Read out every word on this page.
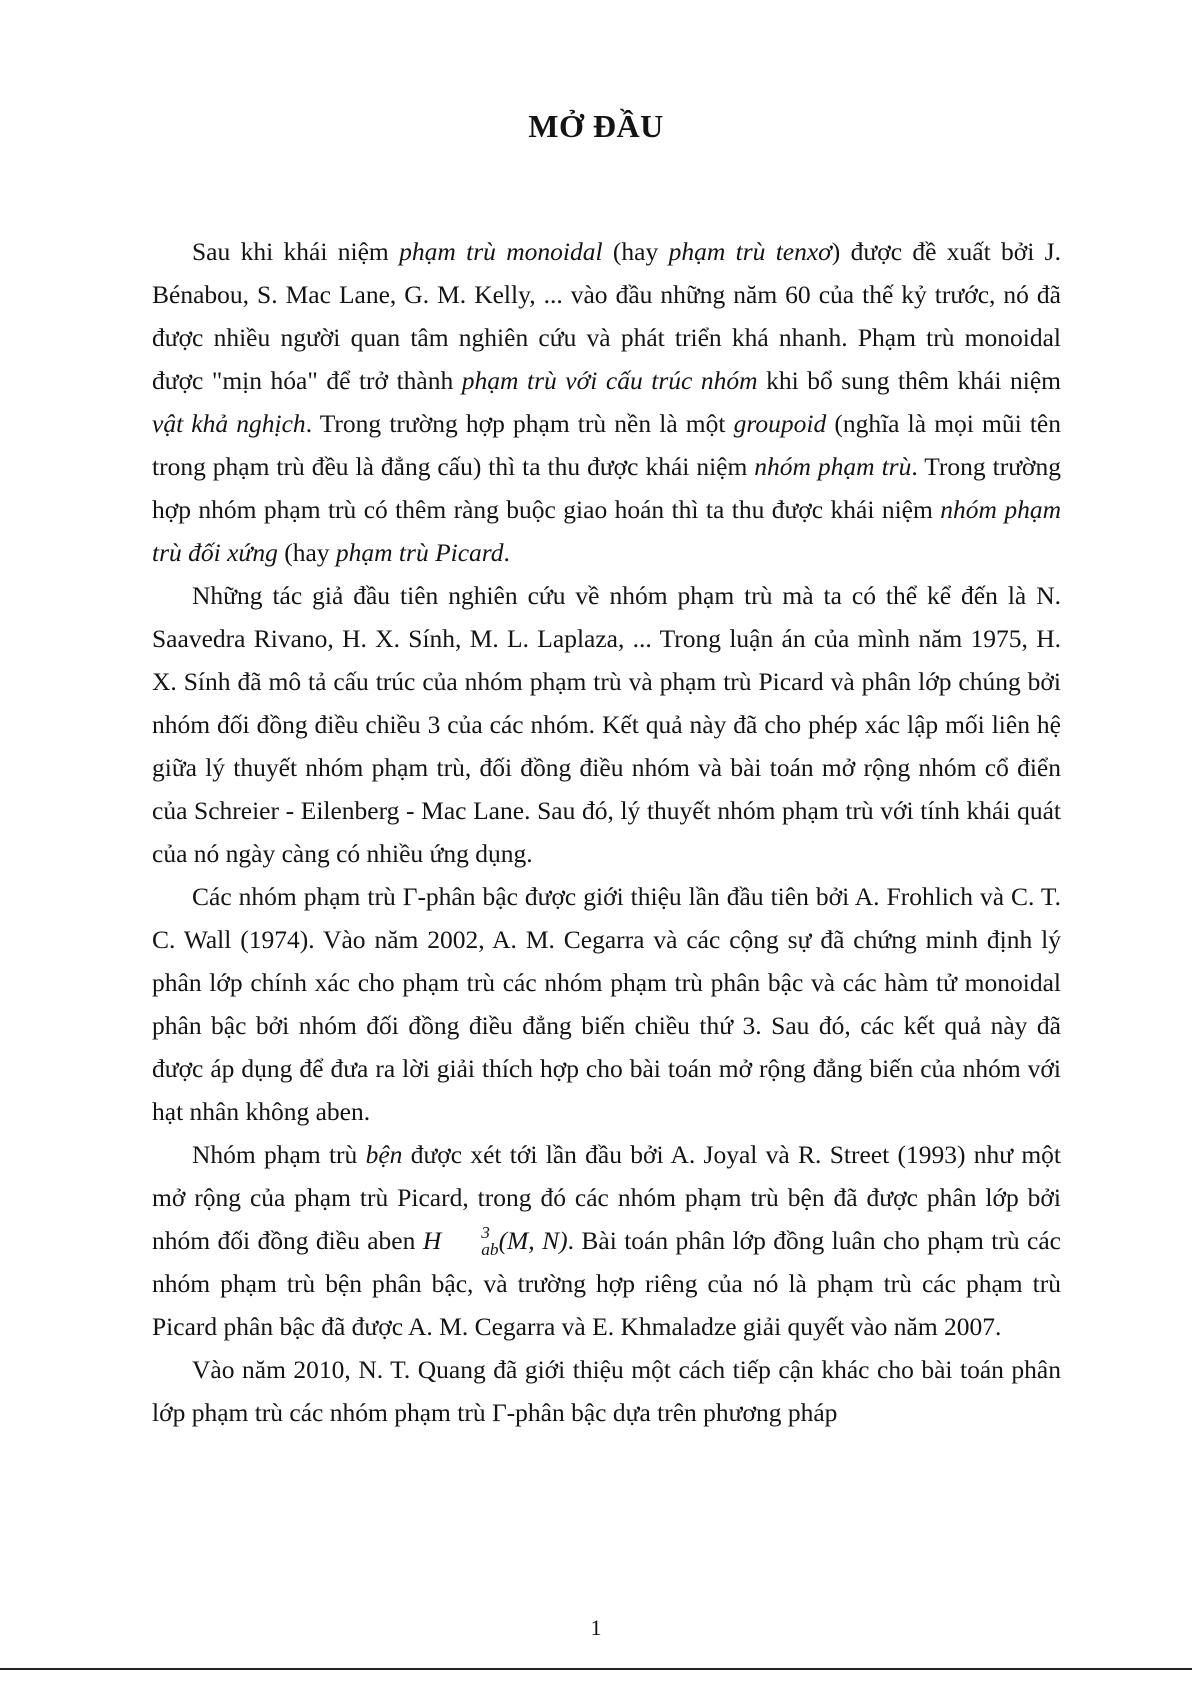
MỞ ĐẦU

Sau khi khái niệm phạm trù monoidal (hay phạm trù tenxơ) được đề xuất bởi J. Bénabou, S. Mac Lane, G. M. Kelly, ... vào đầu những năm 60 của thế kỷ trước, nó đã được nhiều người quan tâm nghiên cứu và phát triển khá nhanh. Phạm trù monoidal được "mịn hóa" để trở thành phạm trù với cấu trúc nhóm khi bổ sung thêm khái niệm vật khả nghịch. Trong trường hợp phạm trù nền là một groupoid (nghĩa là mọi mũi tên trong phạm trù đều là đẳng cấu) thì ta thu được khái niệm nhóm phạm trù. Trong trường hợp nhóm phạm trù có thêm ràng buộc giao hoán thì ta thu được khái niệm nhóm phạm trù đối xứng (hay phạm trù Picard.

Những tác giả đầu tiên nghiên cứu về nhóm phạm trù mà ta có thể kể đến là N. Saavedra Rivano, H. X. Sính, M. L. Laplaza, ... Trong luận án của mình năm 1975, H. X. Sính đã mô tả cấu trúc của nhóm phạm trù và phạm trù Picard và phân lớp chúng bởi nhóm đối đồng điều chiều 3 của các nhóm. Kết quả này đã cho phép xác lập mối liên hệ giữa lý thuyết nhóm phạm trù, đối đồng điều nhóm và bài toán mở rộng nhóm cổ điển của Schreier - Eilenberg - Mac Lane. Sau đó, lý thuyết nhóm phạm trù với tính khái quát của nó ngày càng có nhiều ứng dụng.

Các nhóm phạm trù Γ-phân bậc được giới thiệu lần đầu tiên bởi A. Frohlich và C. T. C. Wall (1974). Vào năm 2002, A. M. Cegarra và các cộng sự đã chứng minh định lý phân lớp chính xác cho phạm trù các nhóm phạm trù phân bậc và các hàm tử monoidal phân bậc bởi nhóm đối đồng điều đẳng biến chiều thứ 3. Sau đó, các kết quả này đã được áp dụng để đưa ra lời giải thích hợp cho bài toán mở rộng đẳng biến của nhóm với hạt nhân không aben.

Nhóm phạm trù bện được xét tới lần đầu bởi A. Joyal và R. Street (1993) như một mở rộng của phạm trù Picard, trong đó các nhóm phạm trù bện đã được phân lớp bởi nhóm đối đồng điều aben H	3
ab (M, N). Bài toán phân lớp đồng luân cho phạm trù các nhóm phạm trù bện phân bậc, và trường hợp riêng của nó là phạm trù các phạm trù Picard phân bậc đã được A. M. Cegarra và E. Khmaladze giải quyết vào năm 2007.

Vào năm 2010, N. T. Quang đã giới thiệu một cách tiếp cận khác cho bài toán phân lớp phạm trù các nhóm phạm trù Γ-phân bậc dựa trên phương pháp

1
